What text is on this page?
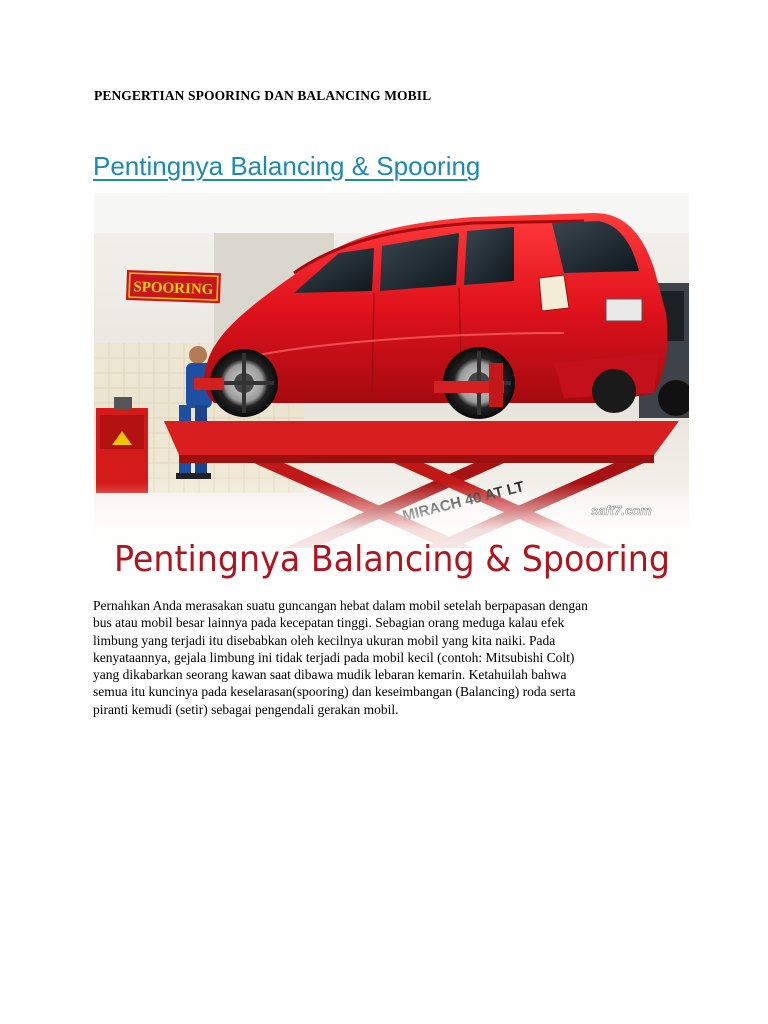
PENGERTIAN SPOORING DAN BALANCING MOBIL
Pentingnya Balancing & Spooring
SPOORING
Pentingnya Balancing & Spooring
Pernahkan Anda merasakan suatu guncangan hebat dalam mobil setelah berpapasan dengan
bus atau mobil besar lainnya pada kecepatan tinggi. Sebagian orang meduga kalau efek
limbung yang terjadi itu disebabkan oleh kecilnya ukuran mobil yang kita naiki. Pada
kenyataannya, gejala limbung ini tidak terjadi pada mobil kecil (contoh: Mitsubishi Colt)
yang dikabarkan seorang kawan saat dibawa mudik lebaran kemarin. Ketahuilah bahwa
semua itu kuncinya pada keselarasan(spooring) dan keseimbangan (Balancing) roda serta
piranti kemudi (setir) sebagai pengendali gerakan mobil.
